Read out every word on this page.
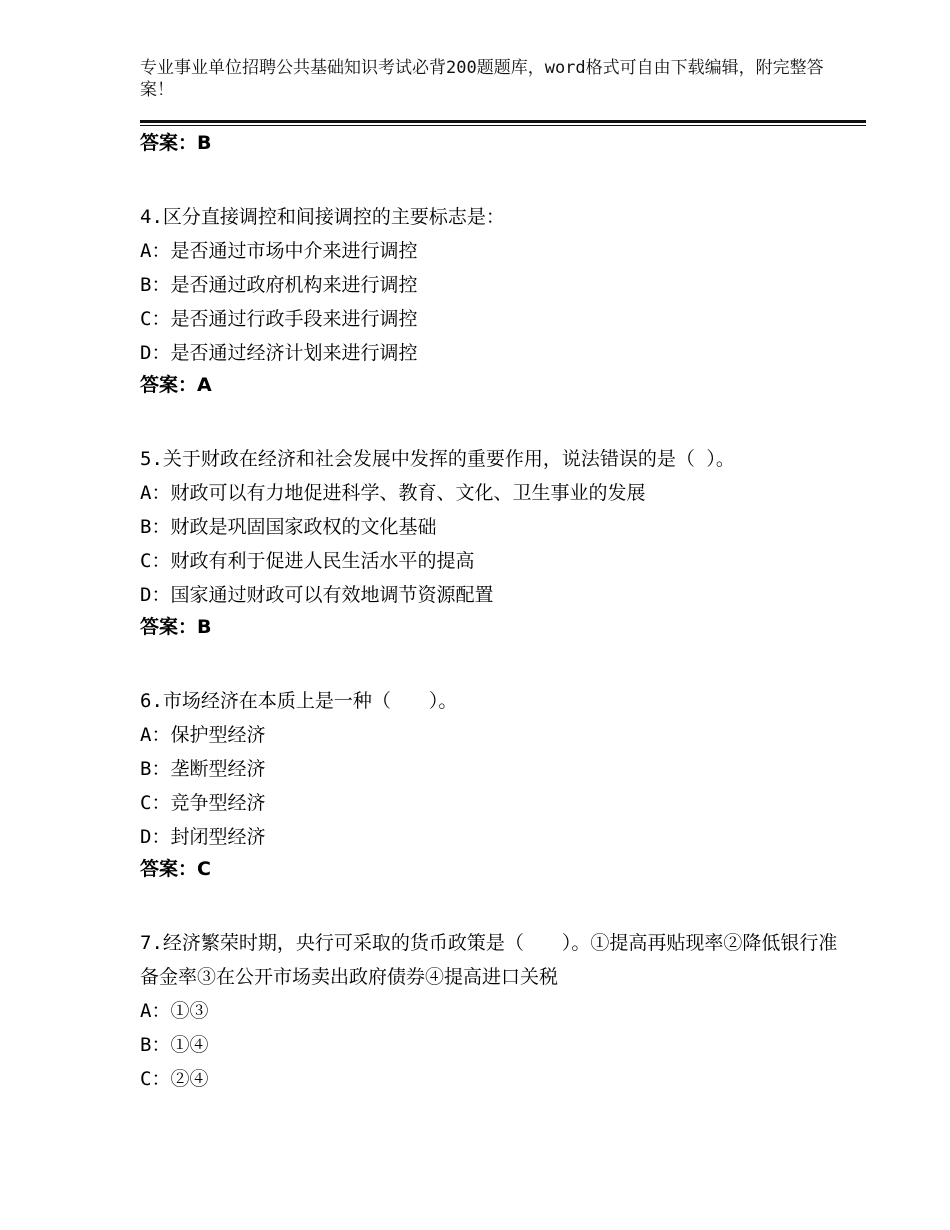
专业事业单位招聘公共基础知识考试必背200题题库，word格式可自由下载编辑，附完整答案！
答案：B
4.区分直接调控和间接调控的主要标志是：
A：是否通过市场中介来进行调控
B：是否通过政府机构来进行调控
C：是否通过行政手段来进行调控
D：是否通过经济计划来进行调控
答案：A
5.关于财政在经济和社会发展中发挥的重要作用，说法错误的是（ ）。
A：财政可以有力地促进科学、教育、文化、卫生事业的发展
B：财政是巩固国家政权的文化基础
C：财政有利于促进人民生活水平的提高
D：国家通过财政可以有效地调节资源配置
答案：B
6.市场经济在本质上是一种（　　）。
A：保护型经济
B：垄断型经济
C：竞争型经济
D：封闭型经济
答案：C
7.经济繁荣时期，央行可采取的货币政策是（　　）。①提高再贴现率②降低银行准备金率③在公开市场卖出政府债券④提高进口关税
A：①③
B：①④
C：②④
